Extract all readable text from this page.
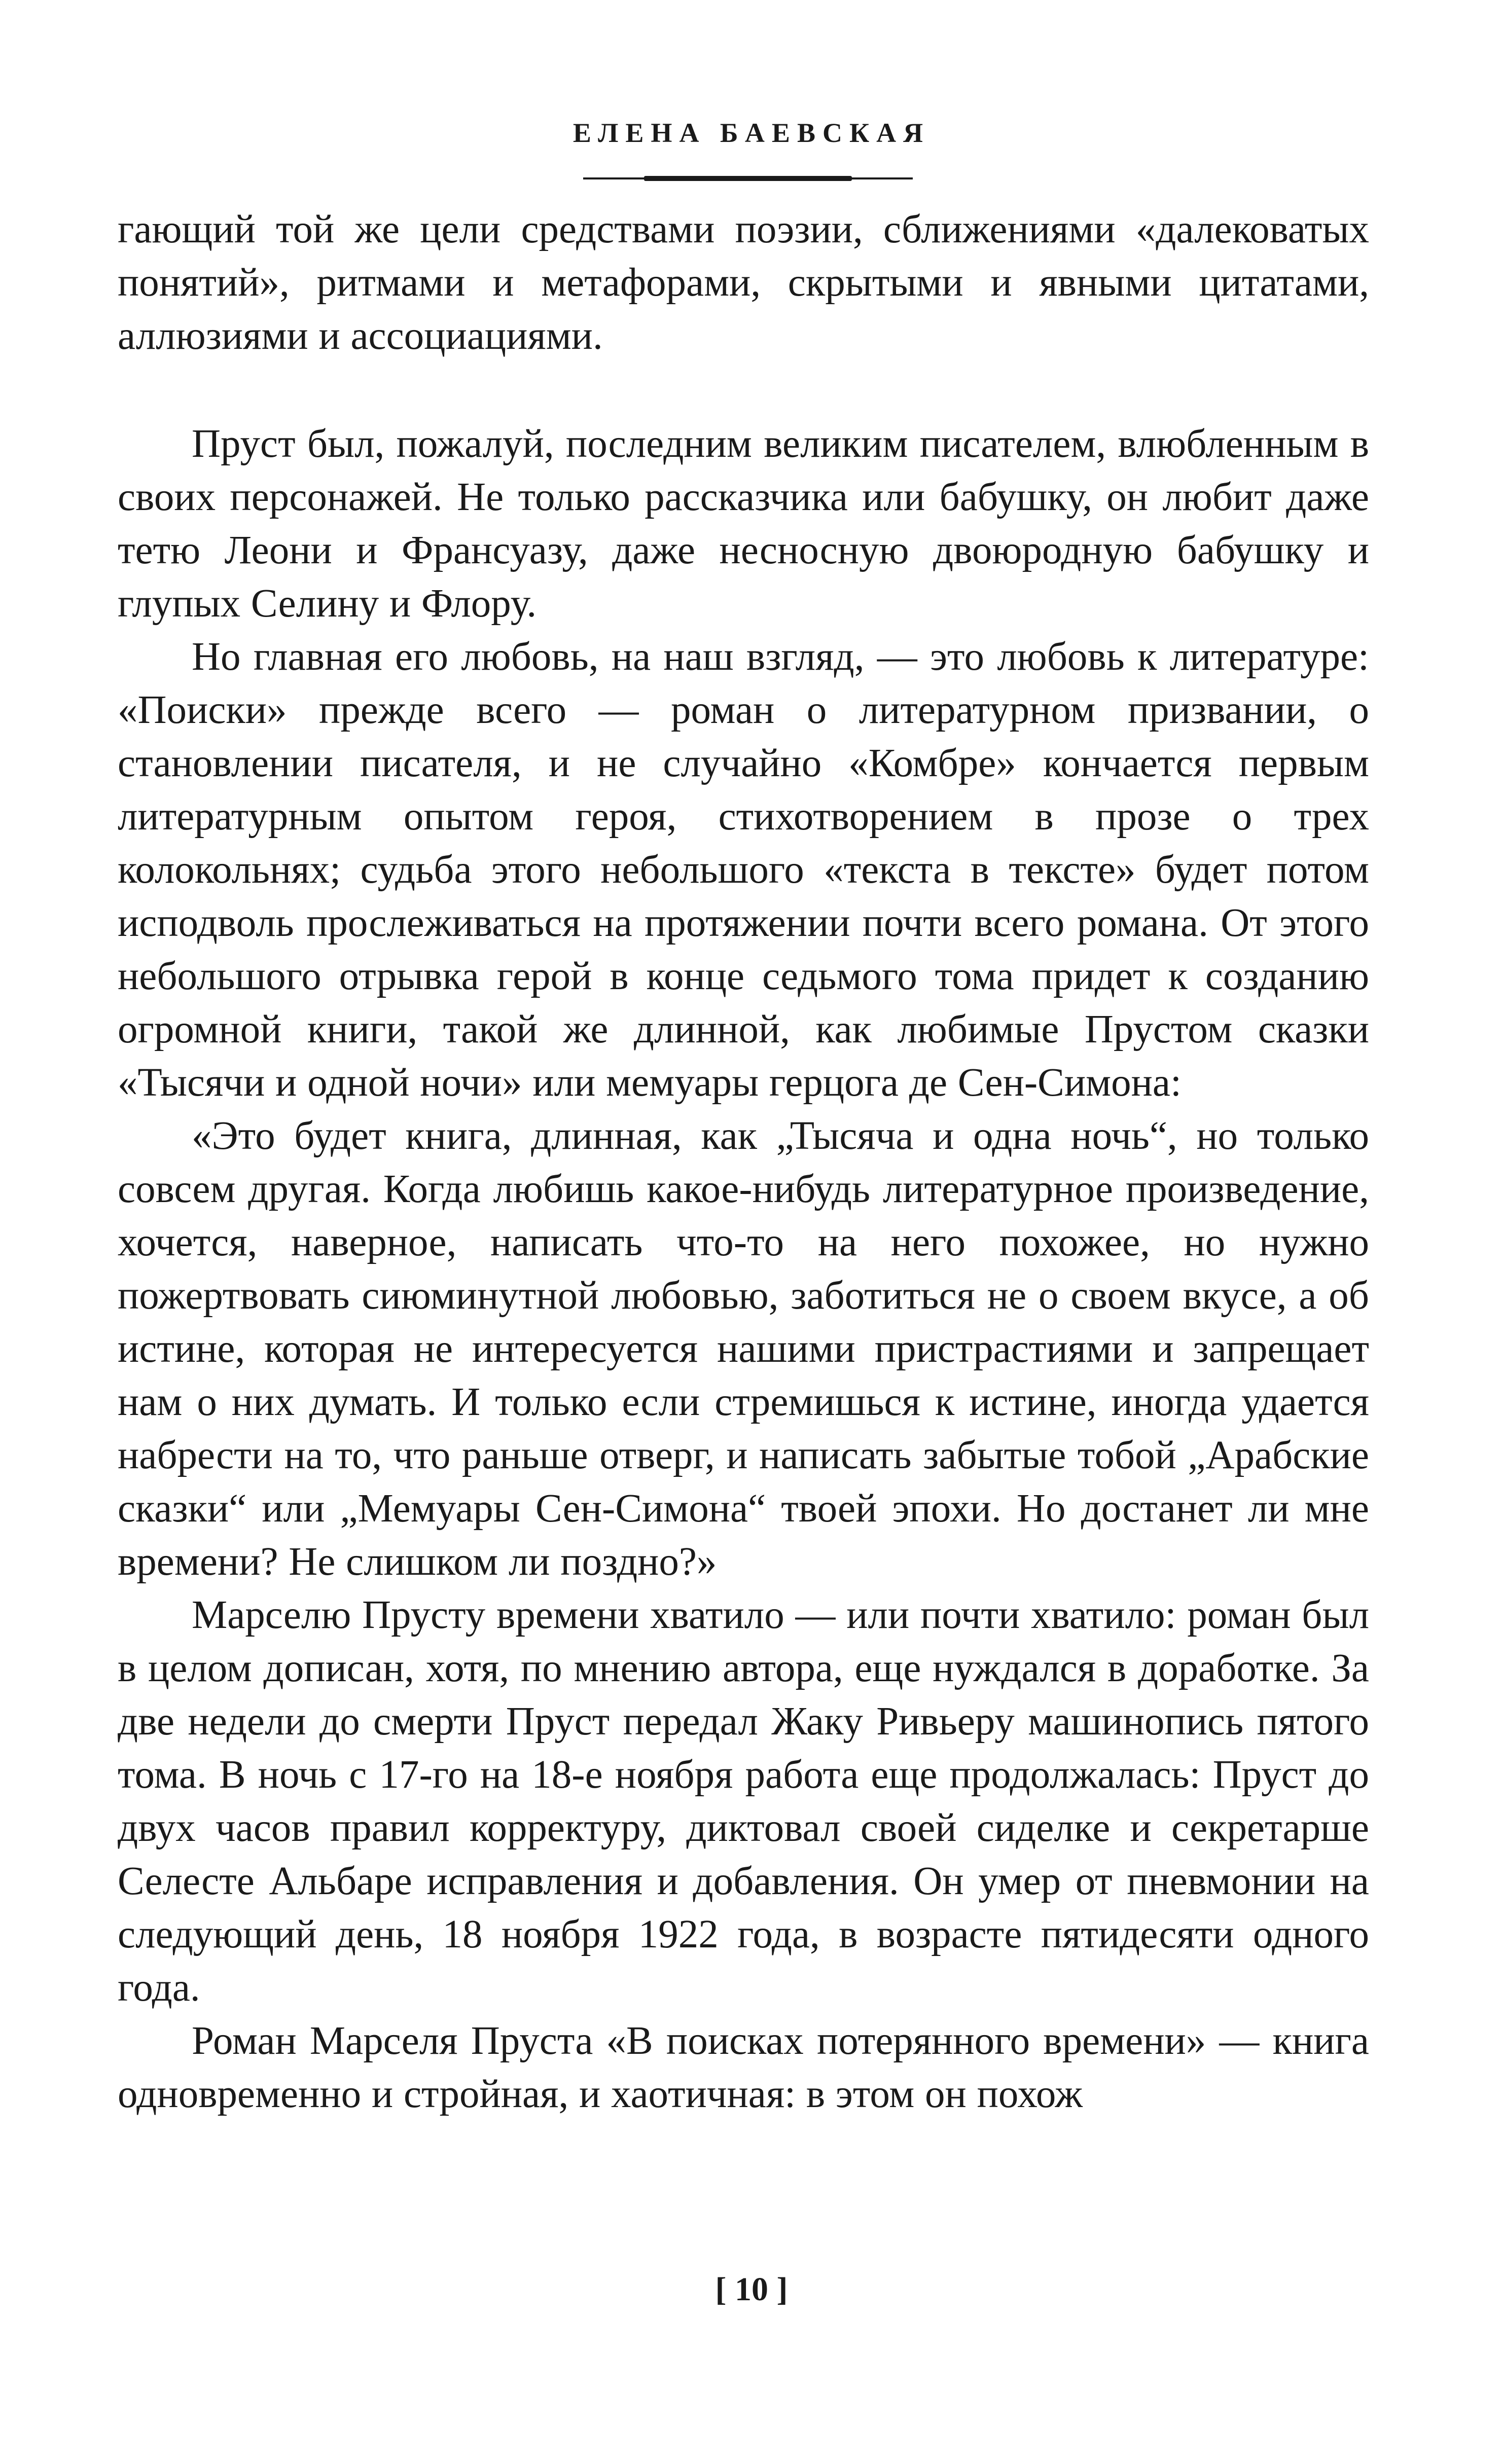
ЕЛЕНА БАЕВСКАЯ

гающий той же цели средствами поэзии, сближениями «далековатых понятий», ритмами и метафорами, скрытыми и явными цитатами, аллюзиями и ассоциациями.

Пруст был, пожалуй, последним великим писателем, влюбленным в своих персонажей. Не только рассказчика или бабушку, он любит даже тетю Леони и Франсуазу, даже несносную двоюродную бабушку и глупых Селину и Флору.

Но главная его любовь, на наш взгляд, — это любовь к литературе: «Поиски» прежде всего — роман о литературном призвании, о становлении писателя, и не случайно «Комбре» кончается первым литературным опытом героя, стихотворением в прозе о трех колокольнях; судьба этого небольшого «текста в тексте» будет потом исподволь прослеживаться на протяжении почти всего романа. От этого небольшого отрывка герой в конце седьмого тома придет к созданию огромной книги, такой же длинной, как любимые Прустом сказки «Тысячи и одной ночи» или мемуары герцога де Сен-Симона:

«Это будет книга, длинная, как „Тысяча и одна ночь“, но только совсем другая. Когда любишь какое-нибудь литературное произведение, хочется, наверное, написать что-то на него похожее, но нужно пожертвовать сиюминутной любовью, заботиться не о своем вкусе, а об истине, которая не интересуется нашими пристрастиями и запрещает нам о них думать. И только если стремишься к истине, иногда удается набрести на то, что раньше отверг, и написать забытые тобой „Арабские сказки“ или „Мемуары Сен-Симона“ твоей эпохи. Но достанет ли мне времени? Не слишком ли поздно?»

Марселю Прусту времени хватило — или почти хватило: роман был в целом дописан, хотя, по мнению автора, еще нуждался в доработке. За две недели до смерти Пруст передал Жаку Ривьеру машинопись пятого тома. В ночь с 17-го на 18-е ноября работа еще продолжалась: Пруст до двух часов правил корректуру, диктовал своей сиделке и секретарше Селесте Альбаре исправления и добавления. Он умер от пневмонии на следующий день, 18 ноября 1922 года, в возрасте пятидесяти одного года.

Роман Марселя Пруста «В поисках потерянного времени» — книга одновременно и стройная, и хаотичная: в этом он похож

[ 10 ]
